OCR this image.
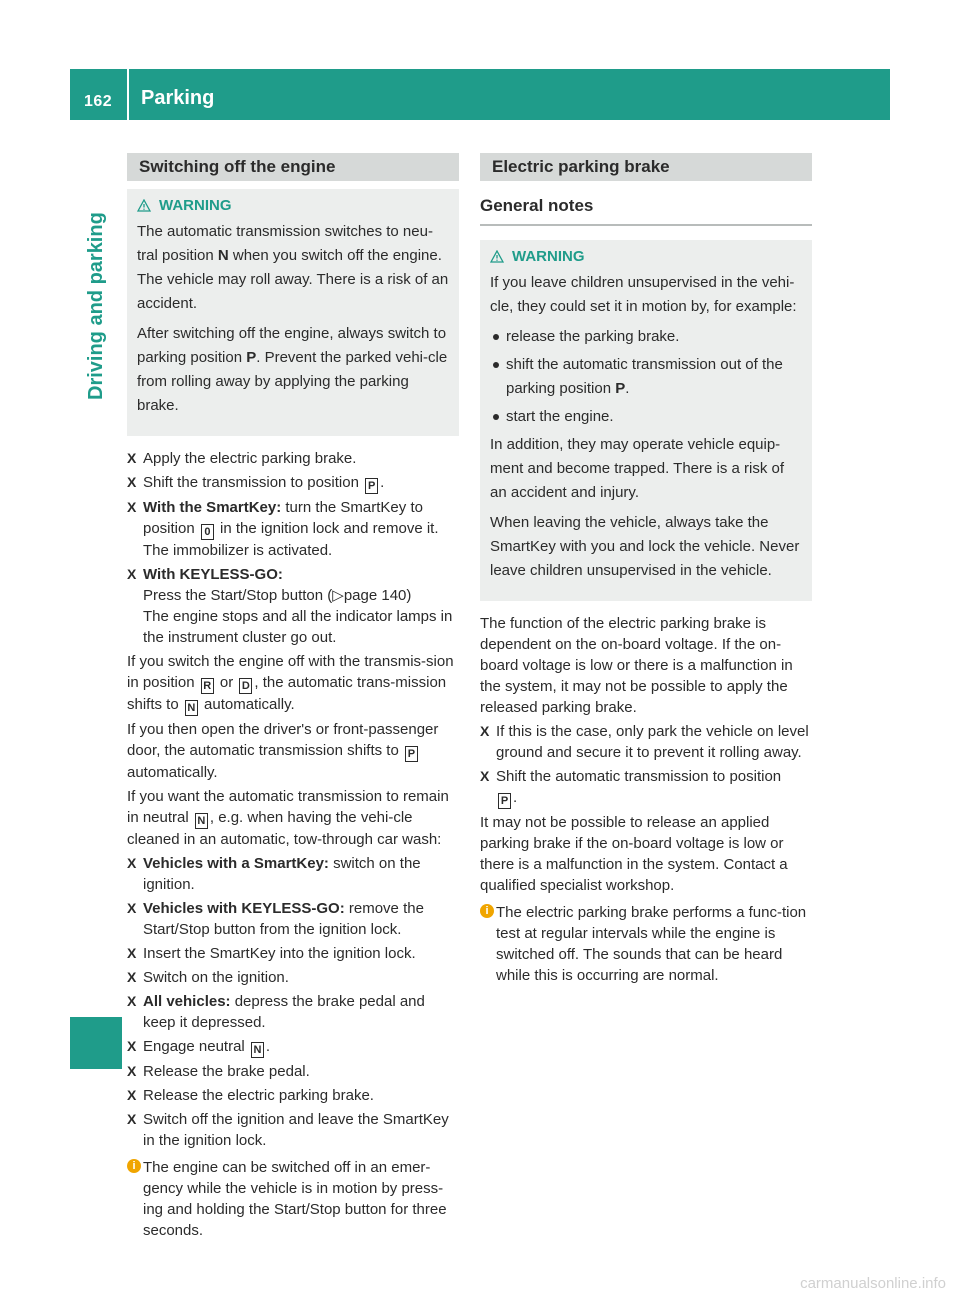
162 Parking
Driving and parking
Switching off the engine
WARNING

The automatic transmission switches to neu-tral position N when you switch off the engine. The vehicle may roll away. There is a risk of an accident.

After switching off the engine, always switch to parking position P. Prevent the parked vehi-cle from rolling away by applying the parking brake.

X Apply the electric parking brake.
X Shift the transmission to position P .
X With the SmartKey: turn the SmartKey to position 0 in the ignition lock and remove it.
The immobilizer is activated.
X With KEYLESS-GO:
Press the Start/Stop button (▷page 140)
The engine stops and all the indicator lamps in the instrument cluster go out.

If you switch the engine off with the transmis-sion in position R or D , the automatic trans-mission shifts to N automatically.

If you then open the driver's or front-passenger door, the automatic transmission shifts to P
automatically.

If you want the automatic transmission to remain in neutral N , e.g. when having the vehi-cle cleaned in an automatic, tow-through car wash:

X Vehicles with a SmartKey: switch on the ignition.
X Vehicles with KEYLESS-GO: remove the Start/Stop button from the ignition lock.
X Insert the SmartKey into the ignition lock.
X Switch on the ignition.
X All vehicles: depress the brake pedal and keep it depressed.
X Engage neutral N .
X Release the brake pedal.
X Release the electric parking brake.
X Switch off the ignition and leave the SmartKey in the ignition lock.
i The engine can be switched off in an emer-gency while the vehicle is in motion by press-ing and holding the Start/Stop button for three seconds.
Electric parking brake
General notes
WARNING

If you leave children unsupervised in the vehi-cle, they could set it in motion by, for example:

release the parking brake.
shift the automatic transmission out of the parking position P.
start the engine.

In addition, they may operate vehicle equip-ment and become trapped. There is a risk of an accident and injury.

When leaving the vehicle, always take the SmartKey with you and lock the vehicle. Never leave children unsupervised in the vehicle.

The function of the electric parking brake is dependent on the on-board voltage. If the on-board voltage is low or there is a malfunction in the system, it may not be possible to apply the released parking brake.

X If this is the case, only park the vehicle on level ground and secure it to prevent it rolling away.
X Shift the automatic transmission to position
P .

It may not be possible to release an applied parking brake if the on-board voltage is low or there is a malfunction in the system. Contact a qualified specialist workshop.

i The electric parking brake performs a func-tion test at regular intervals while the engine is switched off. The sounds that can be heard while this is occurring are normal.
carmanualsonline.info
